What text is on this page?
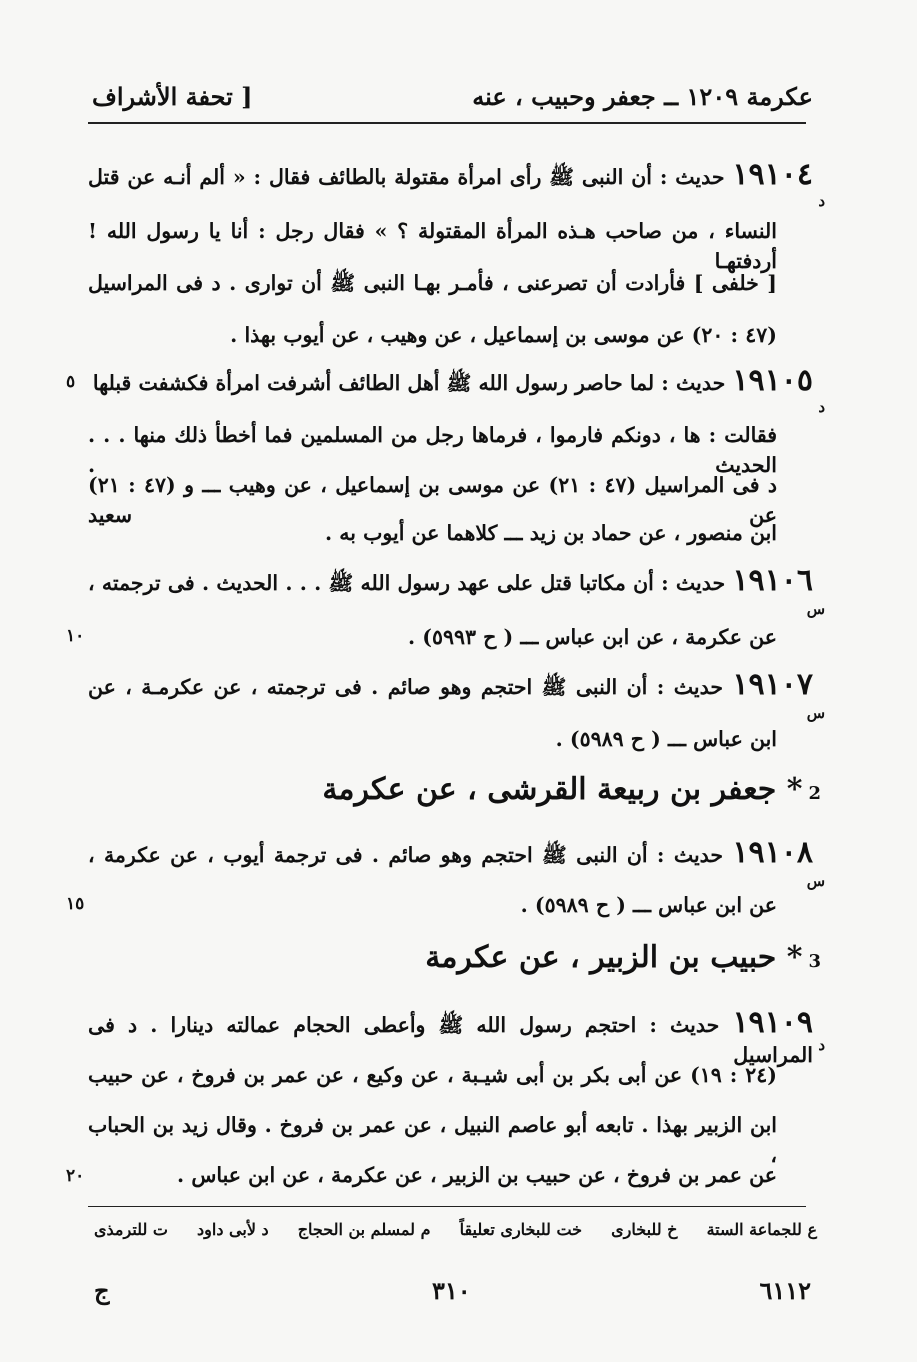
عكرمة ١٢٠٩ ــ جعفر وحبيب ، عنه
[ تحفة الأشراف
١٩١٠٤ حديث : أن النبى ﷺ رأى امرأة مقتولة بالطائف فقال : « ألم أنـه عن قتل
د
النساء ، من صاحب هـذه المرأة المقتولة ؟ » فقال رجل : أنا يا رسول الله ! أردفتهـا
[ خلفى ] فأرادت أن تصرعنى ، فأمـر بهـا النبى ﷺ أن توارى . د فى المراسيل
(٤٧ : ٢٠) عن موسى بن إسماعيل ، عن وهيب ، عن أيوب بهذا .
١٩١٠٥ حديث : لما حاصر رسول الله ﷺ أهل الطائف أشرفت امرأة فكشفت قبلها
٥
د
فقالت : ها ، دونكم فارموا ، فرماها رجل من المسلمين فما أخطأ ذلك منها . . . الحديث .
د فى المراسيل (٤٧ : ٢١) عن موسى بن إسماعيل ، عن وهيب ـــ و (٤٧ : ٢١) عن سعيد
ابن منصور ، عن حماد بن زيد ـــ كلاهما عن أيوب به .
١٩١٠٦ حديث : أن مكاتبا قتل على عهد رسول الله ﷺ . . . الحديث . فى ترجمته ،
س
عن عكرمة ، عن ابن عباس ـــ ( ح ٥٩٩٣) .
١٠
١٩١٠٧ حديث : أن النبى ﷺ احتجم وهو صائم . فى ترجمته ، عن عكرمـة ، عن
س
ابن عباس ـــ ( ح ٥٩٨٩) .
2* جعفر بن ربيعة القرشى ، عن عكرمة
١٩١٠٨ حديث : أن النبى ﷺ احتجم وهو صائم . فى ترجمة أيوب ، عن عكرمة ،
س
عن ابن عباس ـــ ( ح ٥٩٨٩) .
١٥
3* حبيب بن الزبير ، عن عكرمة
١٩١٠٩ حديث : احتجم رسول الله ﷺ وأعطى الحجام عمالته دينارا . د فى المراسيل د
(٢٤ : ١٩) عن أبى بكر بن أبى شيـبة ، عن وكيع ، عن عمر بن فروخ ، عن حبيب
ابن الزبير بهذا . تابعه أبو عاصم النبيل ، عن عمر بن فروخ . وقال زيد بن الحباب ،
عن عمر بن فروخ ، عن حبيب بن الزبير ، عن عكرمة ، عن ابن عباس .
٢٠
ع للجماعة الستة
خ للبخارى
خت للبخارى تعليقاً
م لمسلم بن الحجاج
د لأبى داود
ت للترمذى
٦١١٢
٣١٠
ج
